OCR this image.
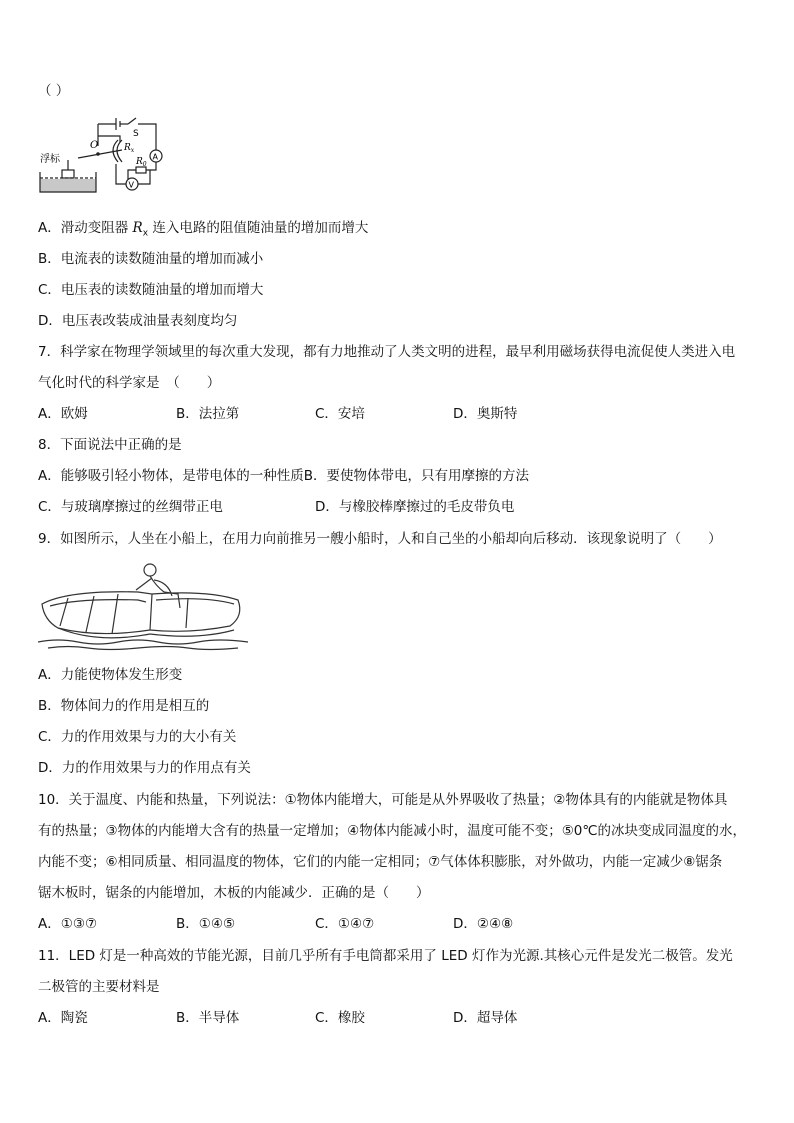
（ ）
浮标
O
S
A
V
$R_x$
$R_0$
A．滑动变阻器 $R_x$ 连入电路的阻值随油量的增加而增大
B．电流表的读数随油量的增加而减小
C．电压表的读数随油量的增加而增大
D．电压表改装成油量表刻度均匀
7．科学家在物理学领域里的每次重大发现，都有力地推动了人类文明的进程，最早利用磁场获得电流促使人类进入电
气化时代的科学家是　（　　）
A．欧姆	B．法拉第	C．安培	D．奥斯特
8．下面说法中正确的是
A．能够吸引轻小物体，是带电体的一种性质B．要使物体带电，只有用摩擦的方法
C．与玻璃摩擦过的丝绸带正电	D．与橡胶棒摩擦过的毛皮带负电
9．如图所示，人坐在小船上，在用力向前推另一艘小船时，人和自己坐的小船却向后移动．该现象说明了（　　）
A．力能使物体发生形变
B．物体间力的作用是相互的
C．力的作用效果与力的大小有关
D．力的作用效果与力的作用点有关
10．关于温度、内能和热量，下列说法：①物体内能增大，可能是从外界吸收了热量；②物体具有的内能就是物体具
有的热量；③物体的内能增大含有的热量一定增加；④物体内能减小时，温度可能不变；⑤0℃的冰块变成同温度的水，
内能不变；⑥相同质量、相同温度的物体，它们的内能一定相同；⑦气体体积膨胀，对外做功，内能一定减少⑧锯条
锯木板时，锯条的内能增加，木板的内能减少．正确的是（　　）
A．①③⑦	B．①④⑤	C．①④⑦	D．②④⑧
11．LED 灯是一种高效的节能光源，目前几乎所有手电筒都采用了 LED 灯作为光源.其核心元件是发光二极管。发光
二极管的主要材料是
A．陶瓷	B．半导体	C．橡胶	D．超导体
